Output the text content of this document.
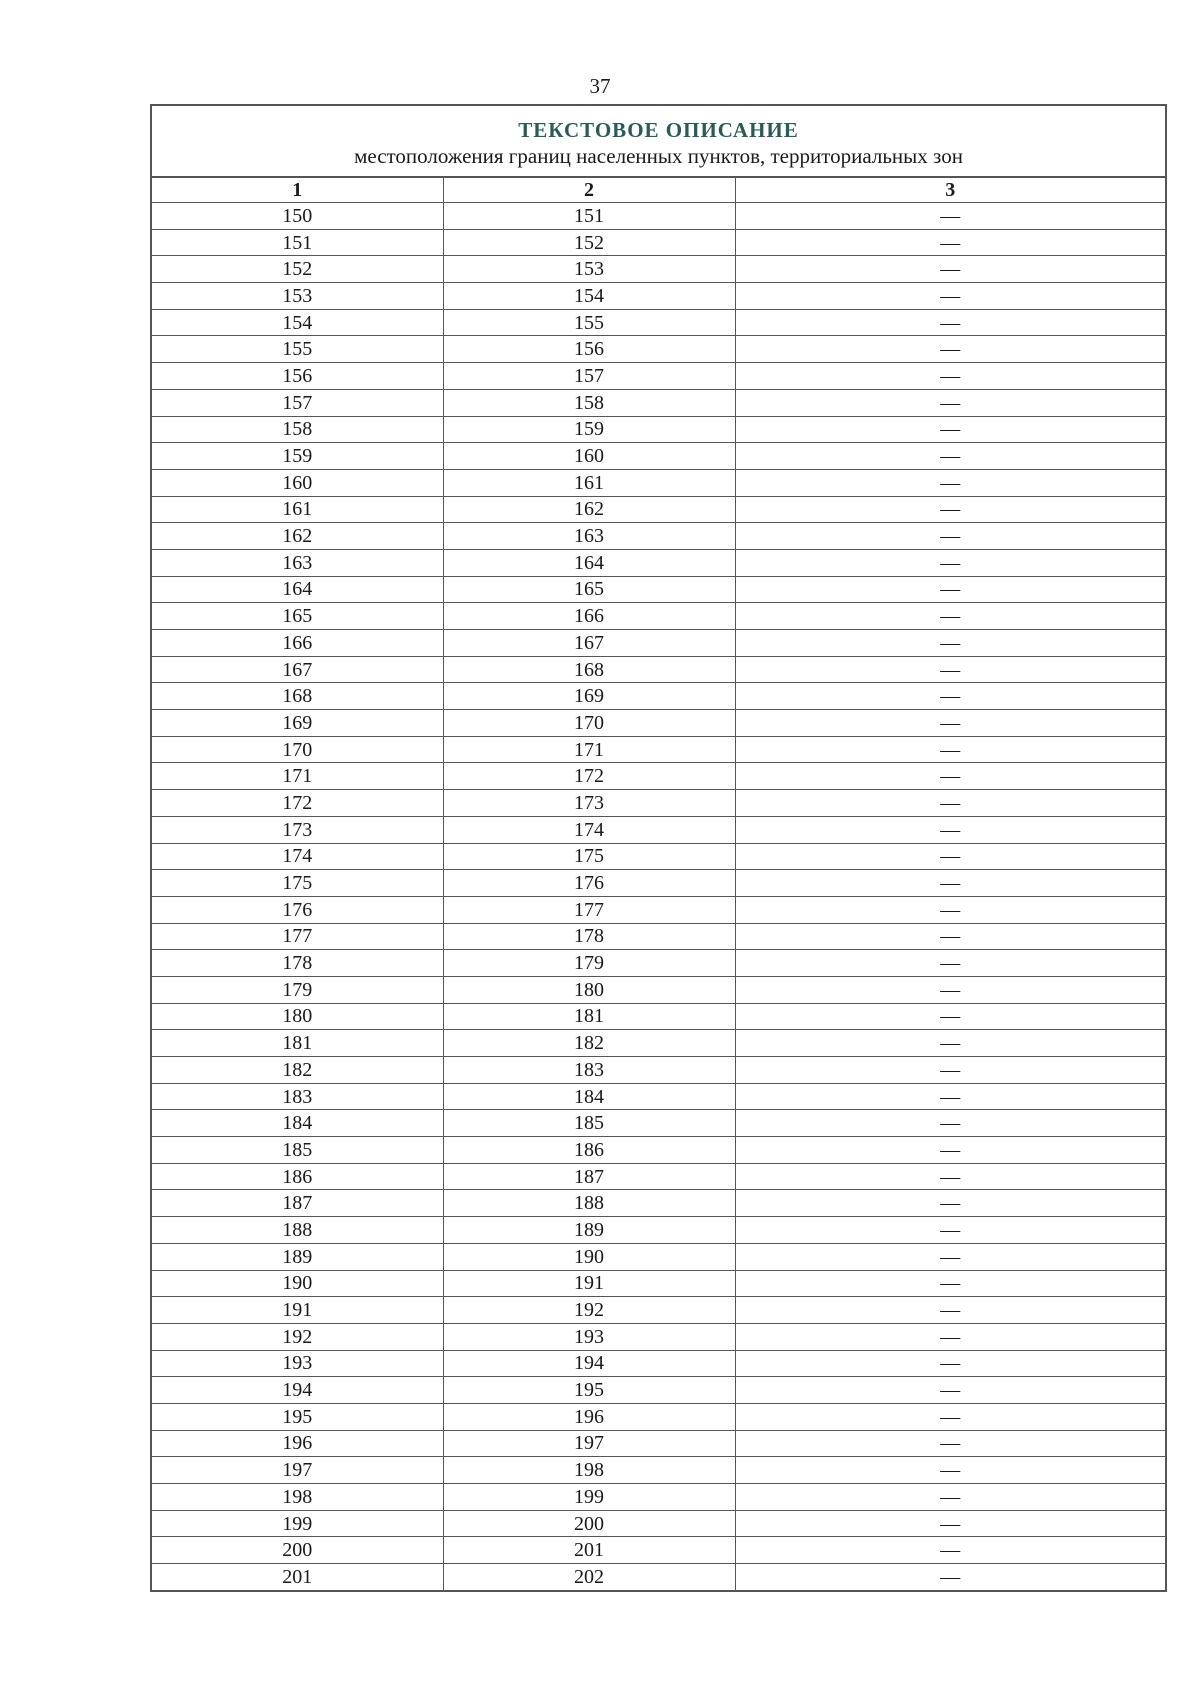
37
ТЕКСТОВОЕ ОПИСАНИЕ
местоположения границ населенных пунктов, территориальных зон		

1	2	3
150	151	—
151	152	—
152	153	—
153	154	—
154	155	—
155	156	—
156	157	—
157	158	—
158	159	—
159	160	—
160	161	—
161	162	—
162	163	—
163	164	—
164	165	—
165	166	—
166	167	—
167	168	—
168	169	—
169	170	—
170	171	—
171	172	—
172	173	—
173	174	—
174	175	—
175	176	—
176	177	—
177	178	—
178	179	—
179	180	—
180	181	—
181	182	—
182	183	—
183	184	—
184	185	—
185	186	—
186	187	—
187	188	—
188	189	—
189	190	—
190	191	—
191	192	—
192	193	—
193	194	—
194	195	—
195	196	—
196	197	—
197	198	—
198	199	—
199	200	—
200	201	—
201	202	—
